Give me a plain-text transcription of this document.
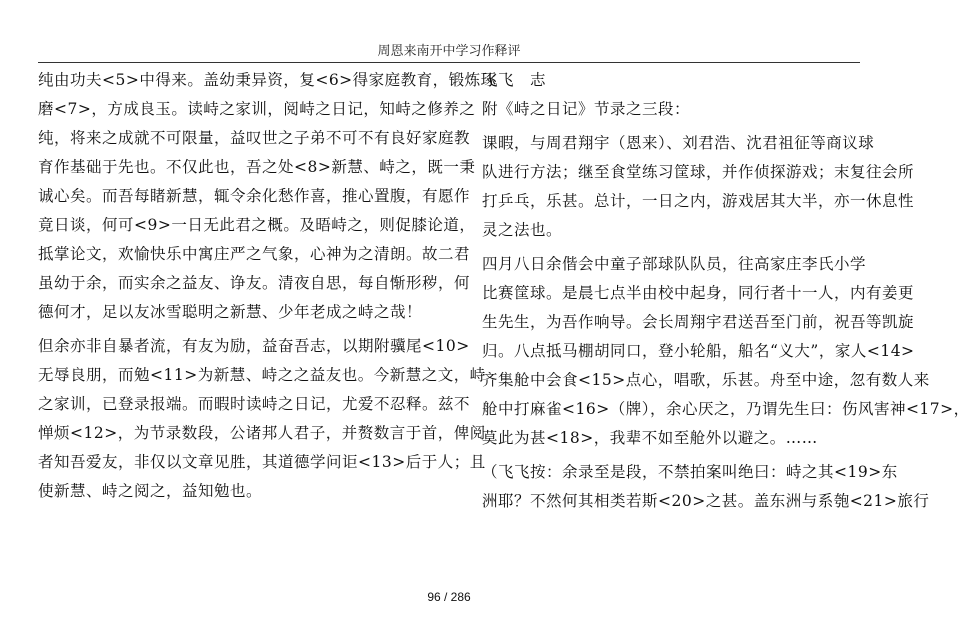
周恩来南开中学习作释评

纯由功夫<5>中得来。盖幼秉异资，复<6>得家庭教育，锻炼琢

磨<7>，方成良玉。读峙之家训，阅峙之日记，知峙之修养之

纯，将来之成就不可限量，益叹世之子弟不可不有良好家庭教

育作基础于先也。不仅此也，吾之处<8>新慧、峙之，既一秉

诚心矣。而吾每睹新慧，辄令余化愁作喜，推心置腹，有愿作

竟日谈，何可<9>一日无此君之概。及晤峙之，则促膝论道，

抵掌论文，欢愉快乐中寓庄严之气象，心神为之清朗。故二君

虽幼于余，而实余之益友、诤友。清夜自思，每自惭形秽，何

德何才，足以友冰雪聪明之新慧、少年老成之峙之哉！

但余亦非自暴者流，有友为励，益奋吾志，以期附骥尾<10>

无辱良朋，而勉<11>为新慧、峙之之益友也。今新慧之文，峙

之家训，已登录报端。而暇时读峙之日记，尤爱不忍释。兹不

惮烦<12>，为节录数段，公诸邦人君子，并赘数言于首，俾阅

者知吾爱友，非仅以文章见胜，其道德学问讵<13>后于人；且

使新慧、峙之阅之，益知勉也。

飞飞　志

附《峙之日记》节录之三段：

课暇，与周君翔宇（恩来）、刘君浩、沈君祖征等商议球

队进行方法；继至食堂练习筐球，并作侦探游戏；末复往会所

打乒乓，乐甚。总计，一日之内，游戏居其大半，亦一休息性

灵之法也。

四月八日余偕会中童子部球队队员，往高家庄李氏小学

比赛筐球。是晨七点半由校中起身，同行者十一人，内有姜更

生先生，为吾作响导。会长周翔宇君送吾至门前，祝吾等凯旋

归。八点抵马棚胡同口，登小轮船，船名“义大”，家人<14>

齐集舱中会食<15>点心，唱歌，乐甚。舟至中途，忽有数人来

舱中打麻雀<16>（牌），余心厌之，乃谓先生曰：伤风害神<17>，

莫此为甚<18>，我辈不如至舱外以避之。……

（飞飞按：余录至是段，不禁拍案叫绝曰：峙之其<19>东

洲耶？不然何其相类若斯<20>之甚。盖东洲与系匏<21>旅行

96 / 286
